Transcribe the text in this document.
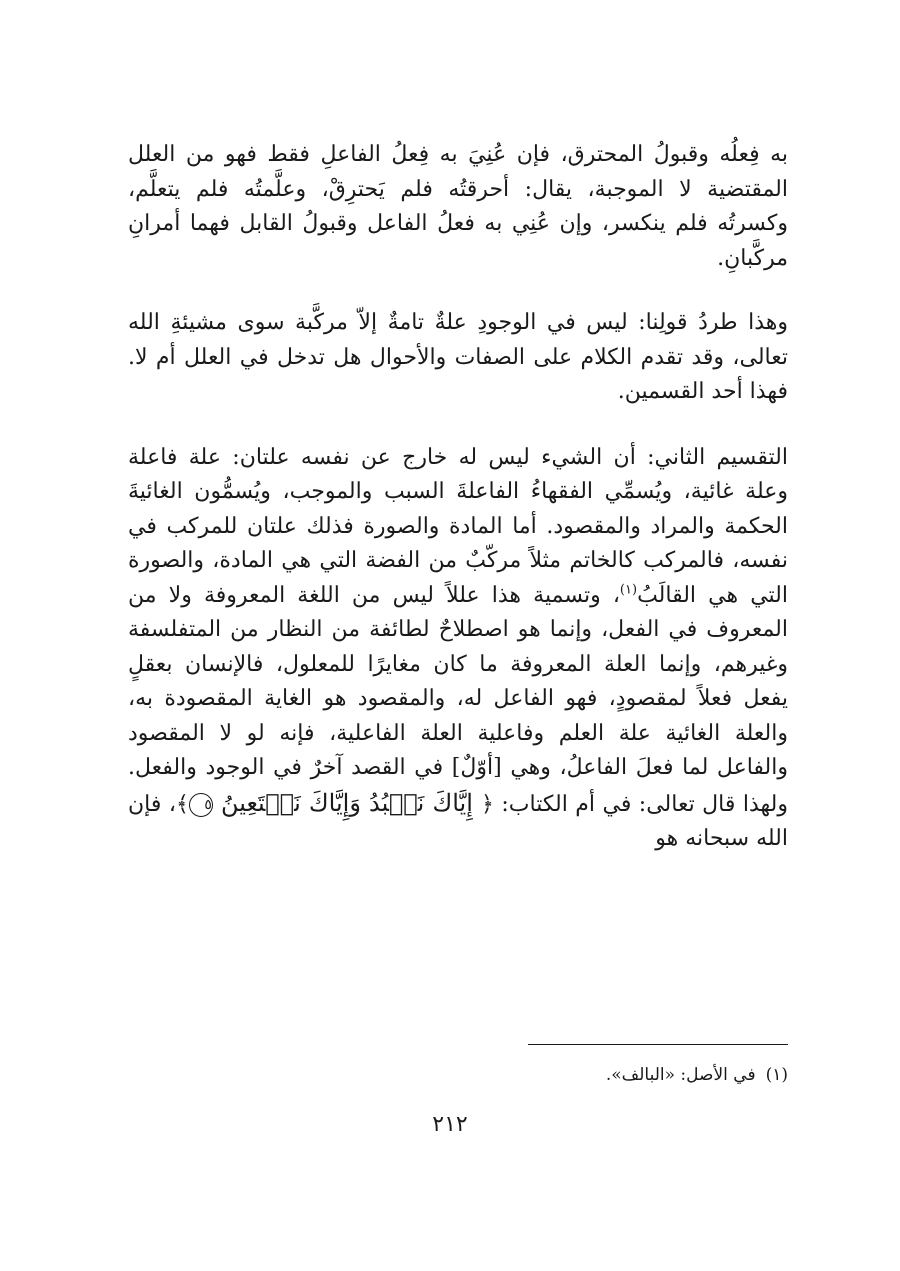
به فِعلُه وقبولُ المحترق، فإن عُنِيَ به فِعلُ الفاعلِ فقط فهو من العلل المقتضية لا الموجبة، يقال: أحرقتُه فلم يَحترِقْ، وعلَّمتُه فلم يتعلَّم، وكسرتُه فلم ينكسر، وإن عُنِي به فعلُ الفاعل وقبولُ القابل فهما أمرانِ مركَّبانِ.

وهذا طردُ قولِنا: ليس في الوجودِ علةٌ تامةٌ إلاّ مركَّبة سوى مشيئةِ الله تعالى، وقد تقدم الكلام على الصفات والأحوال هل تدخل في العلل أم لا. فهذا أحد القسمين.

التقسيم الثاني: أن الشيء ليس له خارج عن نفسه علتان: علة فاعلة وعلة غائية، ويُسمِّي الفقهاءُ الفاعلةَ السبب والموجب، ويُسمُّون الغائيةَ الحكمة والمراد والمقصود. أما المادة والصورة فذلك علتان للمركب في نفسه، فالمركب كالخاتم مثلاً مركّبٌ من الفضة التي هي المادة، والصورة التي هي القالَبُ$^{(١)}$، وتسمية هذا عللاً ليس من اللغة المعروفة ولا من المعروف في الفعل، وإنما هو اصطلاحٌ لطائفة من النظار من المتفلسفة وغيرهم، وإنما العلة المعروفة ما كان مغايرًا للمعلول، فالإنسان بعقلٍ يفعل فعلاً لمقصودٍ، فهو الفاعل له، والمقصود هو الغاية المقصودة به، والعلة الغائية علة العلم وفاعلية العلة الفاعلية، فإنه لو لا المقصود والفاعل لما فعلَ الفاعلُ، وهي [أوّلٌ] في القصد آخرٌ في الوجود والفعل. ولهذا قال تعالى: في أم الكتاب: ﴿ إِيَّاكَ نَعۡبُدُ وَإِيَّاكَ نَسۡتَعِينُ ٥﴾، فإن الله سبحانه هو

(١)في الأصل: «البالف».
٢١٢
